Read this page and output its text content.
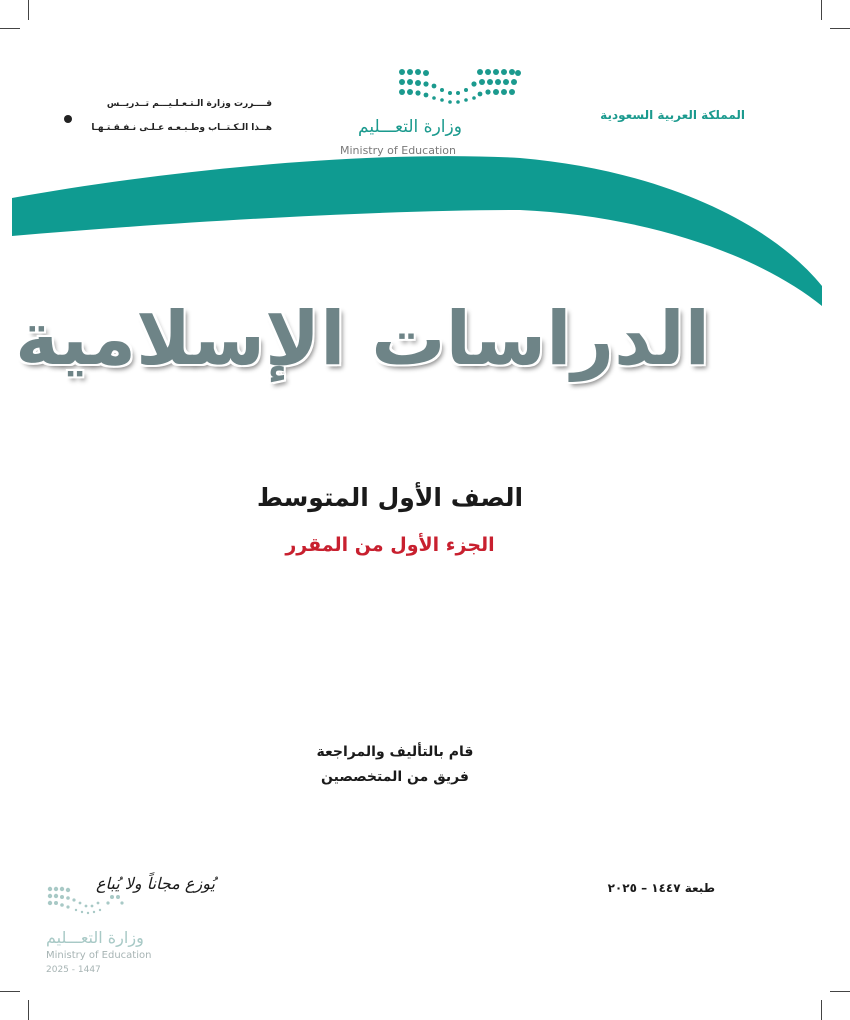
المملكة العربية السعودية
وزارة التعـــليم
Ministry of Education
قــــررت وزارة الـتـعـلـيـــم تــدريــس
هــذا الـكـتــاب وطـبـعـه عـلـى نـفـقـتـهـا
الدراسات الإسلامية
الصف الأول المتوسط
الجزء الأول من المقرر
قام بالتأليف والمراجعة
فريق من المتخصصين
طبعة ١٤٤٧ – ٢٠٢٥
يُوزع مجاناً ولا يُباع
وزارة التعـــليم
Ministry of Education
2025 - 1447
